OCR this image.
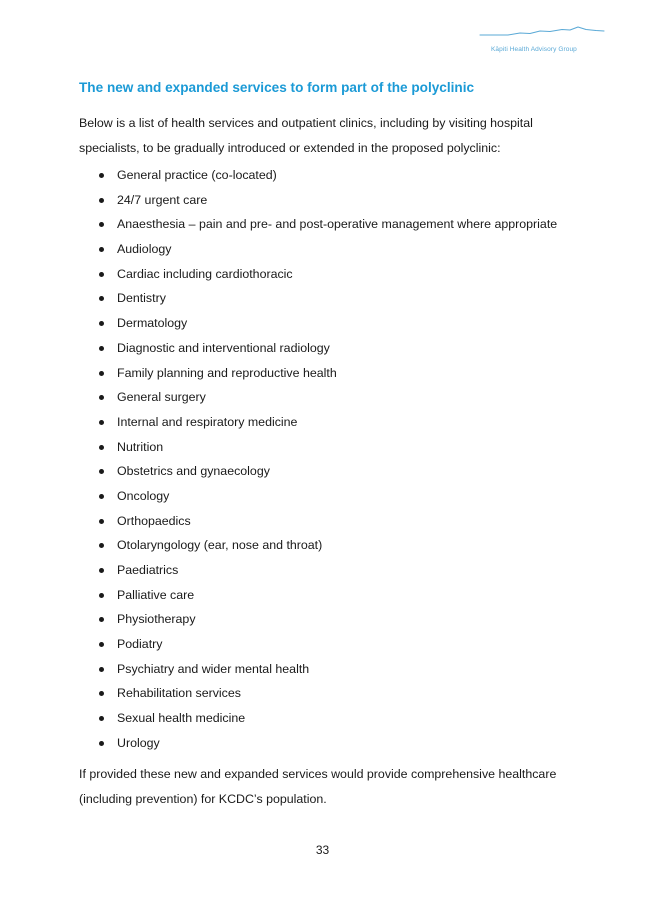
Kāpiti Health Advisory Group
The new and expanded services to form part of the polyclinic

Below is a list of health services and outpatient clinics, including by visiting hospital specialists, to be gradually introduced or extended in the proposed polyclinic:

General practice (co-located)
24/7 urgent care
Anaesthesia – pain and pre- and post-operative management where appropriate
Audiology
Cardiac including cardiothoracic
Dentistry
Dermatology
Diagnostic and interventional radiology
Family planning and reproductive health
General surgery
Internal and respiratory medicine
Nutrition
Obstetrics and gynaecology
Oncology
Orthopaedics
Otolaryngology (ear, nose and throat)
Paediatrics
Palliative care
Physiotherapy
Podiatry
Psychiatry and wider mental health
Rehabilitation services
Sexual health medicine
Urology

If provided these new and expanded services would provide comprehensive healthcare (including prevention) for KCDC’s population.

33
